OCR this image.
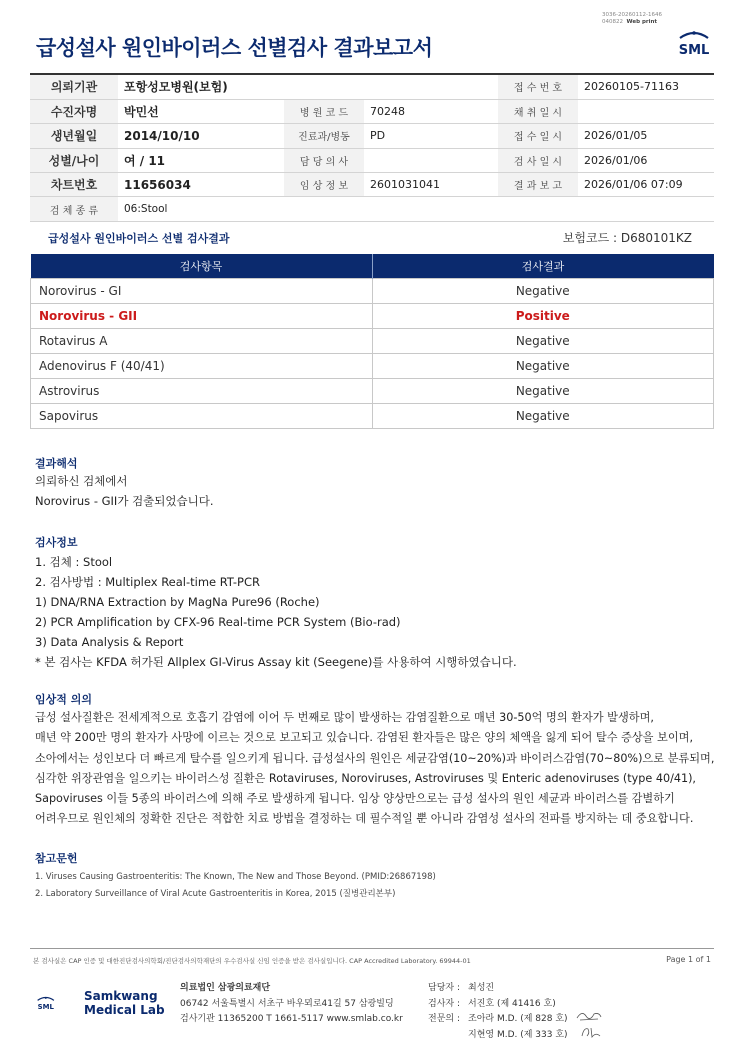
3036-20260112-1646
040822 Web print
급성설사 원인바이러스 선별검사 결과보고서	SML
의뢰기관	포항성모병원(보험)			접 수 번 호	20260105-71163
수진자명	박민선	병 원 코 드	70248	채 취 일 시	
생년월일	2014/10/10	진료과/병동	PD	접 수 일 시	2026/01/05
성별/나이	여 / 11	담 당 의 사		검 사 일 시	2026/01/06
차트번호	11656034	임 상 정 보	2601031041	결 과 보 고	2026/01/06 07:09
검 체 종 류	06:Stool				
급성설사 원인바이러스 선별 검사결과	보험코드 : D680101KZ
검사항목	검사결과
Norovirus - GI	Negative
Norovirus - GII	Positive
Rotavirus A	Negative
Adenovirus F (40/41)	Negative
Astrovirus	Negative
Sapovirus	Negative
결과해석
의뢰하신 검체에서
Norovirus - GII가 검출되었습니다.
검사정보
1. 검체 : Stool
2. 검사방법 : Multiplex Real-time RT-PCR
1) DNA/RNA Extraction by MagNa Pure96 (Roche)
2) PCR Amplification by CFX-96 Real-time PCR System (Bio-rad)
3) Data Analysis & Report
* 본 검사는 KFDA 허가된 Allplex GI-Virus Assay kit (Seegene)를 사용하여 시행하였습니다.
임상적 의의
급성 설사질환은 전세계적으로 호흡기 감염에 이어 두 번째로 많이 발생하는 감염질환으로 매년 30-50억 명의 환자가 발생하며,
매년 약 200만 명의 환자가 사망에 이르는 것으로 보고되고 있습니다. 감염된 환자들은 많은 양의 체액을 잃게 되어 탈수 증상을 보이며,
소아에서는 성인보다 더 빠르게 탈수를 일으키게 됩니다. 급성설사의 원인은 세균감염(10~20%)과 바이러스감염(70~80%)으로 분류되며,
심각한 위장관염을 일으키는 바이러스성 질환은 Rotaviruses, Noroviruses, Astroviruses 및 Enteric adenoviruses (type 40/41),
Sapoviruses 이들 5종의 바이러스에 의해 주로 발생하게 됩니다. 임상 양상만으로는 급성 설사의 원인 세균과 바이러스를 감별하기
어려우므로 원인체의 정확한 진단은 적합한 치료 방법을 결정하는 데 필수적일 뿐 아니라 감염성 설사의 전파를 방지하는 데 중요합니다.
참고문헌
1. Viruses Causing Gastroenteritis: The Known, The New and Those Beyond. (PMID:26867198)
2. Laboratory Surveillance of Viral Acute Gastroenteritis in Korea, 2015 (질병관리본부)
본 검사실은 CAP 인증 및 대한진단검사의학회/진단검사의학재단의 우수검사실 신임 인증을 받은 검사실입니다. CAP Accredited Laboratory. 69944-01	Page 1 of 1
SML
Samkwang
Medical Lab
의료법인 삼광의료재단
06742 서울특별시 서초구 바우뫼로41길 57 삼광빌딩
검사기관 11365200 T 1661-5117 www.smlab.co.kr
담당자 : 최성진
검사자 : 서진호 (제 41416 호)
전문의 : 조아라 M.D. (제 828 호)
지현영 M.D. (제 333 호)
